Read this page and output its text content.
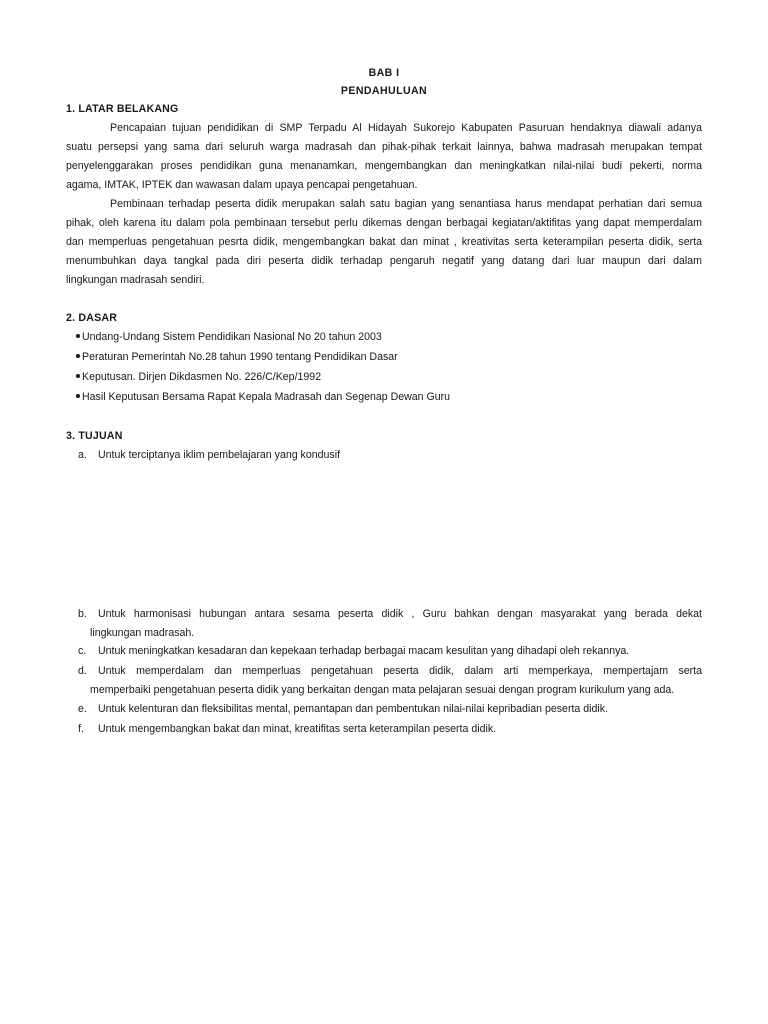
BAB I
PENDAHULUAN
1. LATAR BELAKANG
Pencapaian tujuan pendidikan di SMP Terpadu Al Hidayah Sukorejo Kabupaten Pasuruan hendaknya diawali adanya
suatu persepsi yang sama dari seluruh warga madrasah dan pihak-pihak terkait lainnya, bahwa madrasah merupakan tempat
penyelenggarakan proses pendidikan guna menanamkan, mengembangkan dan meningkatkan nilai-nilai budi pekerti, norma
agama, IMTAK, IPTEK dan wawasan dalam upaya pencapai pengetahuan.
Pembinaan terhadap peserta didik merupakan salah satu bagian yang senantiasa harus mendapat perhatian dari semua
pihak, oleh karena itu dalam pola pembinaan tersebut perlu dikemas dengan berbagai kegiatan/aktifitas yang dapat memperdalam
dan memperluas pengetahuan pesrta didik, mengembangkan bakat dan minat , kreativitas serta keterampilan peserta didik, serta
menumbuhkan daya tangkal pada diri peserta didik terhadap pengaruh negatif yang datang dari luar maupun dari dalam
lingkungan madrasah sendiri.
2. DASAR
Undang-Undang Sistem Pendidikan Nasional No 20 tahun 2003
Peraturan Pemerintah No.28 tahun 1990 tentang Pendidikan Dasar
Keputusan. Dirjen Dikdasmen No. 226/C/Kep/1992
Hasil Keputusan Bersama Rapat Kepala Madrasah dan Segenap Dewan Guru
3. TUJUAN
a. Untuk terciptanya iklim pembelajaran yang kondusif
b. Untuk harmonisasi hubungan antara sesama peserta didik , Guru bahkan dengan masyarakat yang berada dekat
lingkungan madrasah.
c. Untuk meningkatkan kesadaran dan kepekaan terhadap berbagai macam kesulitan yang dihadapi oleh rekannya.
d. Untuk memperdalam dan memperluas pengetahuan peserta didik, dalam arti memperkaya, mempertajam serta
memperbaiki pengetahuan peserta didik yang berkaitan dengan mata pelajaran sesuai dengan program kurikulum yang ada.
e. Untuk kelenturan dan fleksibilitas mental, pemantapan dan pembentukan nilai-nilai kepribadian peserta didik.
f. Untuk mengembangkan bakat dan minat, kreatifitas serta keterampilan peserta didik.
